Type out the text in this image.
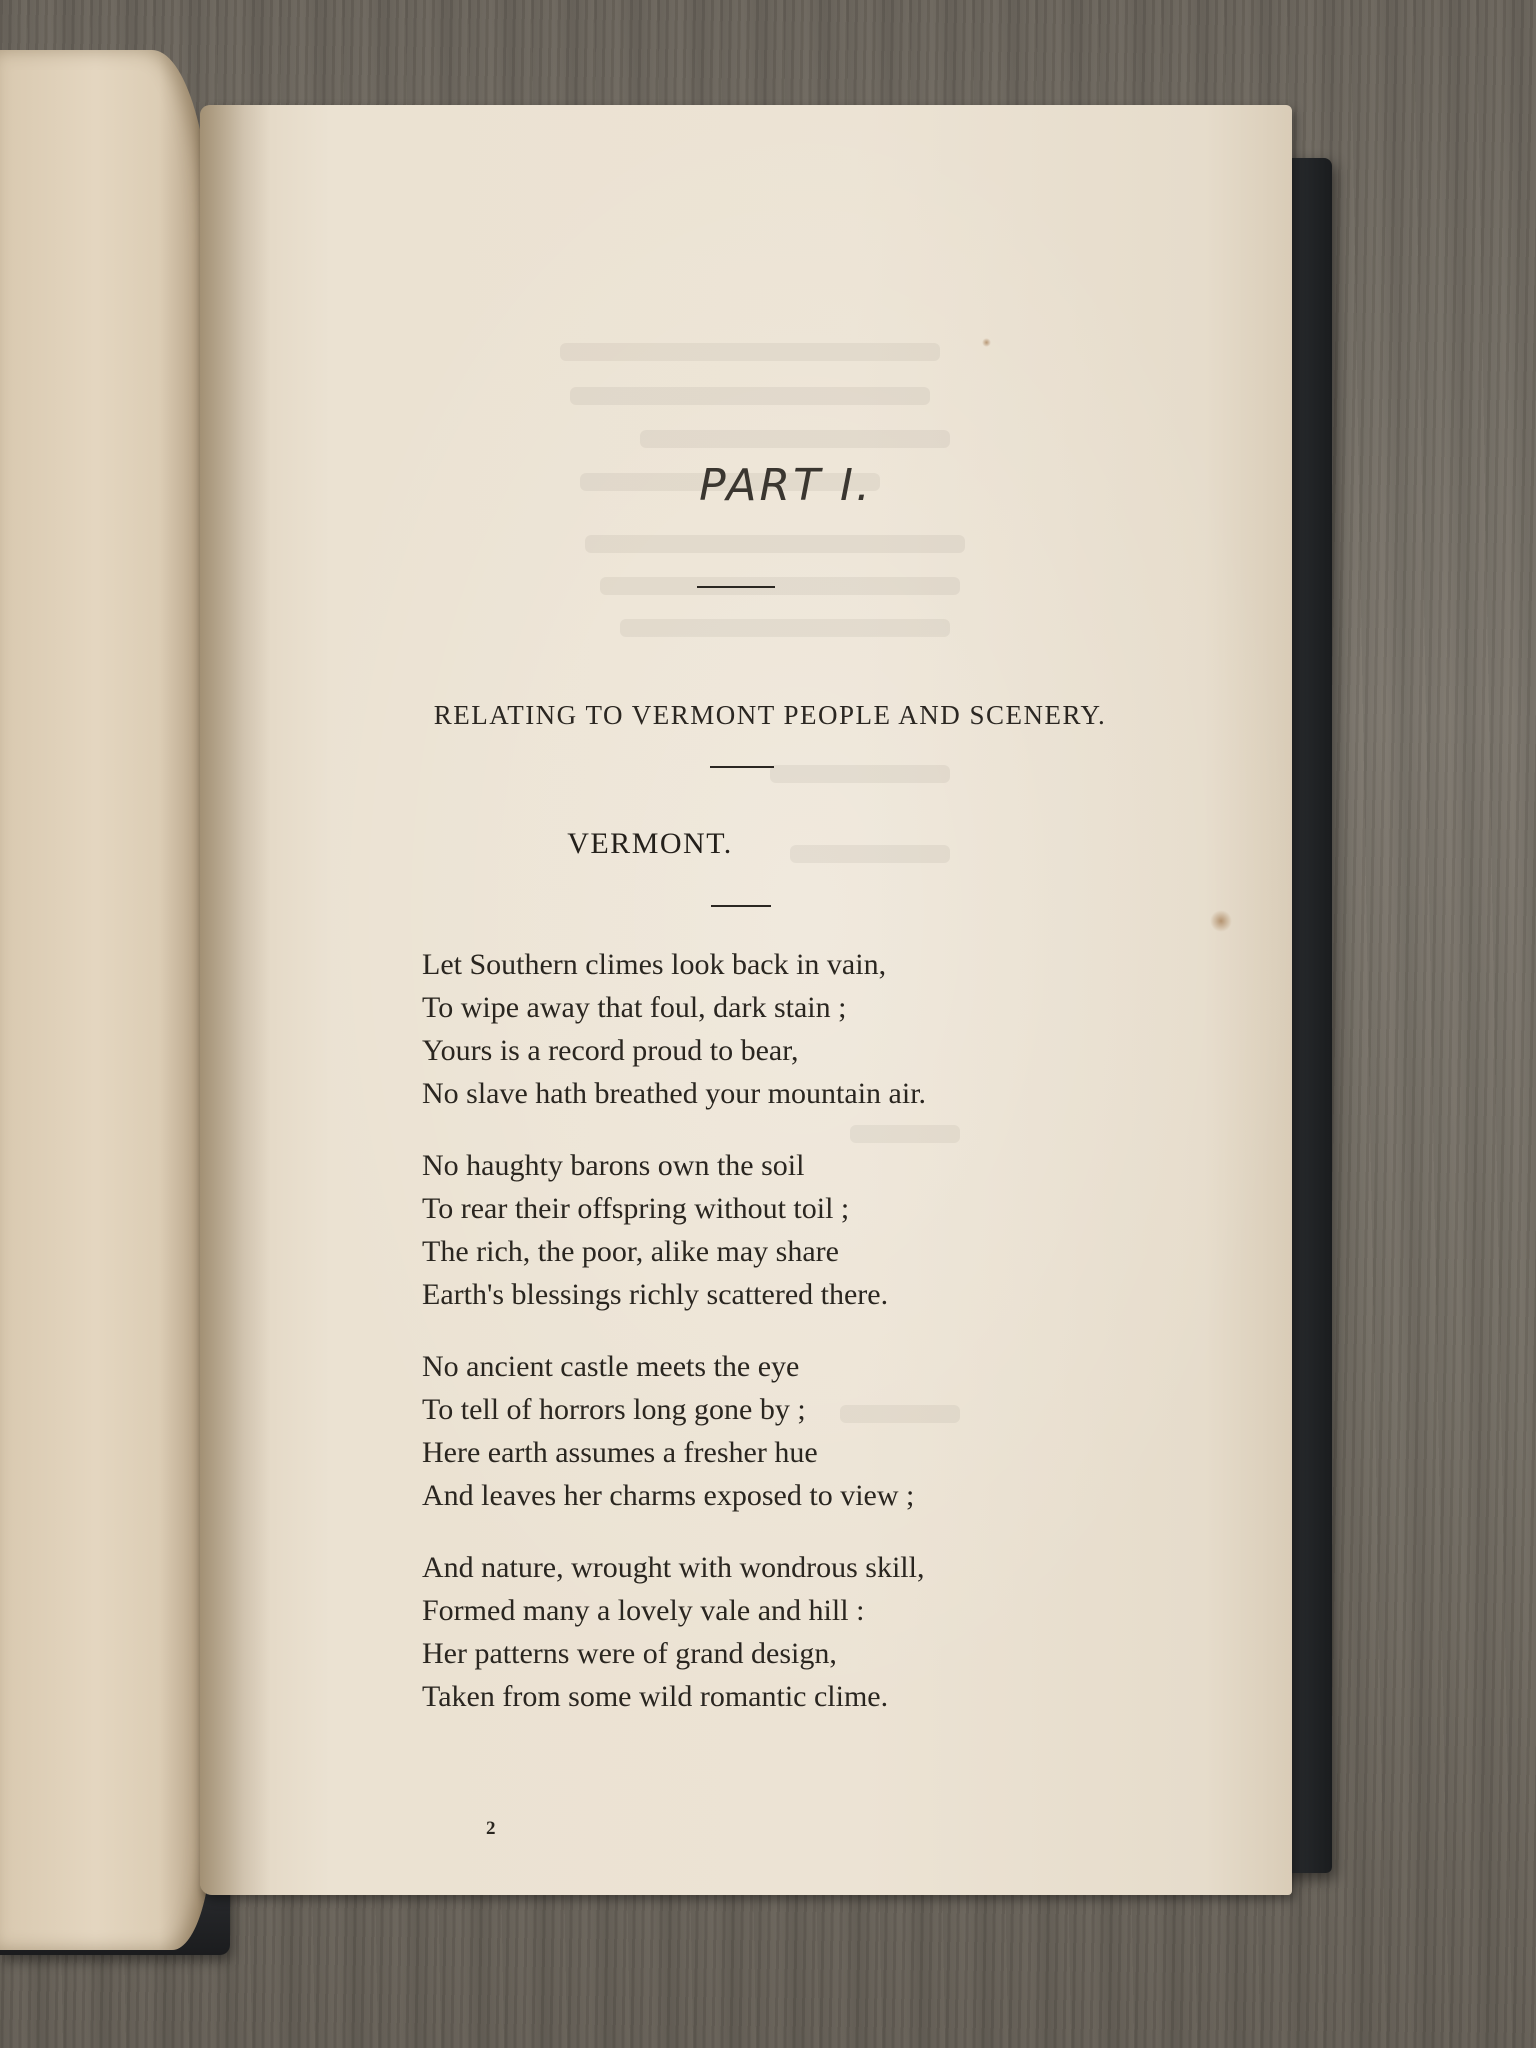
PART I.
RELATING TO VERMONT PEOPLE AND SCENERY.
VERMONT.
Let Southern climes look back in vain,
To wipe away that foul, dark stain ;
Yours is a record proud to bear,
No slave hath breathed your mountain air.
No haughty barons own the soil
To rear their offspring without toil ;
The rich, the poor, alike may share
Earth's blessings richly scattered there.
No ancient castle meets the eye
To tell of horrors long gone by ;
Here earth assumes a fresher hue
And leaves her charms exposed to view ;
And nature, wrought with wondrous skill,
Formed many a lovely vale and hill :
Her patterns were of grand design,
Taken from some wild romantic clime.
2
